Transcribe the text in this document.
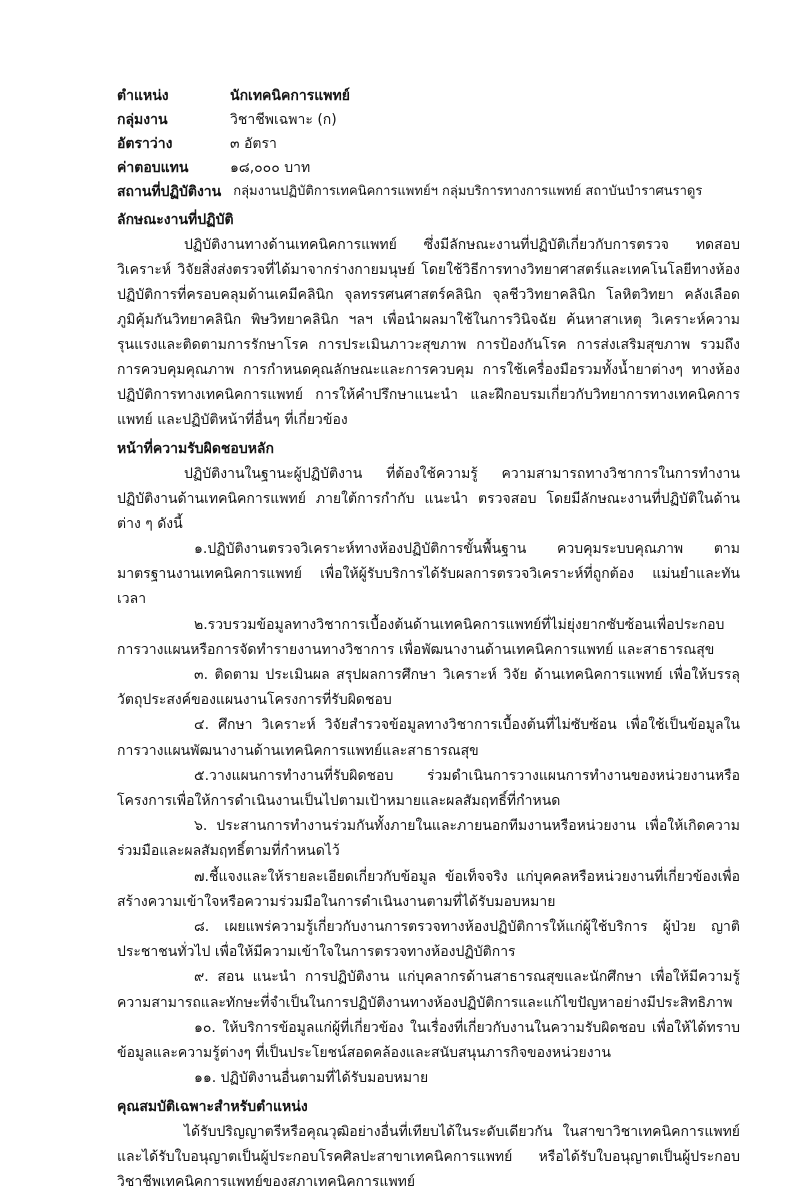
ตำแหน่ง	นักเทคนิคการแพทย์
กลุ่มงาน	วิชาชีพเฉพาะ (ก)
อัตราว่าง	๓ อัตรา
ค่าตอบแทน	๑๘,๐๐๐ บาท
สถานที่ปฏิบัติงาน กลุ่มงานปฏิบัติการเทคนิคการแพทย์ฯ กลุ่มบริการทางการแพทย์ สถาบันบำราศนราดูร
ลักษณะงานที่ปฏิบัติ

ปฏิบัติงานทางด้านเทคนิคการแพทย์ ซึ่งมีลักษณะงานที่ปฏิบัติเกี่ยวกับการตรวจ ทดสอบ วิเคราะห์ วิจัยสิ่งส่งตรวจที่ได้มาจากร่างกายมนุษย์ โดยใช้วิธีการทางวิทยาศาสตร์และเทคโนโลยีทางห้องปฏิบัติการที่ครอบคลุมด้านเคมีคลินิก จุลทรรศนศาสตร์คลินิก จุลชีววิทยาคลินิก โลหิตวิทยา คลังเลือด ภูมิคุ้มกันวิทยาคลินิก พิษวิทยาคลินิก ฯลฯ เพื่อนำผลมาใช้ในการวินิจฉัย ค้นหาสาเหตุ วิเคราะห์ความรุนแรงและติดตามการรักษาโรค การประเมินภาวะสุขภาพ การป้องกันโรค การส่งเสริมสุขภาพ รวมถึงการควบคุมคุณภาพ การกำหนดคุณลักษณะและการควบคุม การใช้เครื่องมือรวมทั้งน้ำยาต่างๆ ทางห้องปฏิบัติการทางเทคนิคการแพทย์ การให้คำปรึกษาแนะนำ และฝึกอบรมเกี่ยวกับวิทยาการทางเทคนิคการแพทย์ และปฏิบัติหน้าที่อื่นๆ ที่เกี่ยวข้อง

หน้าที่ความรับผิดชอบหลัก

ปฏิบัติงานในฐานะผู้ปฏิบัติงาน ที่ต้องใช้ความรู้ ความสามารถทางวิชาการในการทำงาน ปฏิบัติงานด้านเทคนิคการแพทย์ ภายใต้การกำกับ แนะนำ ตรวจสอบ โดยมีลักษณะงานที่ปฏิบัติในด้านต่าง ๆ ดังนี้

๑.ปฏิบัติงานตรวจวิเคราะห์ทางห้องปฏิบัติการขั้นพื้นฐาน ควบคุมระบบคุณภาพ ตามมาตรฐานงานเทคนิคการแพทย์ เพื่อให้ผู้รับบริการได้รับผลการตรวจวิเคราะห์ที่ถูกต้อง แม่นยำและทันเวลา

๒.รวบรวมข้อมูลทางวิชาการเบื้องต้นด้านเทคนิคการแพทย์ที่ไม่ยุ่งยากซับซ้อนเพื่อประกอบการวางแผนหรือการจัดทำรายงานทางวิชาการ เพื่อพัฒนางานด้านเทคนิคการแพทย์ และสาธารณสุข

๓. ติดตาม ประเมินผล สรุปผลการศึกษา วิเคราะห์ วิจัย ด้านเทคนิคการแพทย์ เพื่อให้บรรลุวัตถุประสงค์ของแผนงานโครงการที่รับผิดชอบ

๔. ศึกษา วิเคราะห์ วิจัยสำรวจข้อมูลทางวิชาการเบื้องต้นที่ไม่ซับซ้อน เพื่อใช้เป็นข้อมูลในการวางแผนพัฒนางานด้านเทคนิคการแพทย์และสาธารณสุข

๕.วางแผนการทำงานที่รับผิดชอบ ร่วมดำเนินการวางแผนการทำงานของหน่วยงานหรือโครงการเพื่อให้การดำเนินงานเป็นไปตามเป้าหมายและผลสัมฤทธิ์ที่กำหนด

๖. ประสานการทำงานร่วมกันทั้งภายในและภายนอกทีมงานหรือหน่วยงาน เพื่อให้เกิดความร่วมมือและผลสัมฤทธิ์ตามที่กำหนดไว้

๗.ชี้แจงและให้รายละเอียดเกี่ยวกับข้อมูล ข้อเท็จจริง แก่บุคคลหรือหน่วยงานที่เกี่ยวข้องเพื่อสร้างความเข้าใจหรือความร่วมมือในการดำเนินงานตามที่ได้รับมอบหมาย

๘. เผยแพร่ความรู้เกี่ยวกับงานการตรวจทางห้องปฏิบัติการให้แก่ผู้ใช้บริการ ผู้ป่วย ญาติ ประชาชนทั่วไป เพื่อให้มีความเข้าใจในการตรวจทางห้องปฏิบัติการ

๙. สอน แนะนำ การปฏิบัติงาน แก่บุคลากรด้านสาธารณสุขและนักศึกษา เพื่อให้มีความรู้ความสามารถและทักษะที่จำเป็นในการปฏิบัติงานทางห้องปฏิบัติการและแก้ไขปัญหาอย่างมีประสิทธิภาพ

๑๐. ให้บริการข้อมูลแก่ผู้ที่เกี่ยวข้อง ในเรื่องที่เกี่ยวกับงานในความรับผิดชอบ เพื่อให้ได้ทราบข้อมูลและความรู้ต่างๆ ที่เป็นประโยชน์สอดคล้องและสนับสนุนภารกิจของหน่วยงาน

๑๑. ปฏิบัติงานอื่นตามที่ได้รับมอบหมาย

คุณสมบัติเฉพาะสำหรับตำแหน่ง

ได้รับปริญญาตรีหรือคุณวุฒิอย่างอื่นที่เทียบได้ในระดับเดียวกัน ในสาขาวิชาเทคนิคการแพทย์ และได้รับใบอนุญาตเป็นผู้ประกอบโรคศิลปะสาขาเทคนิคการแพทย์ หรือได้รับใบอนุญาตเป็นผู้ประกอบวิชาชีพเทคนิคการแพทย์ของสภาเทคนิคการแพทย์
